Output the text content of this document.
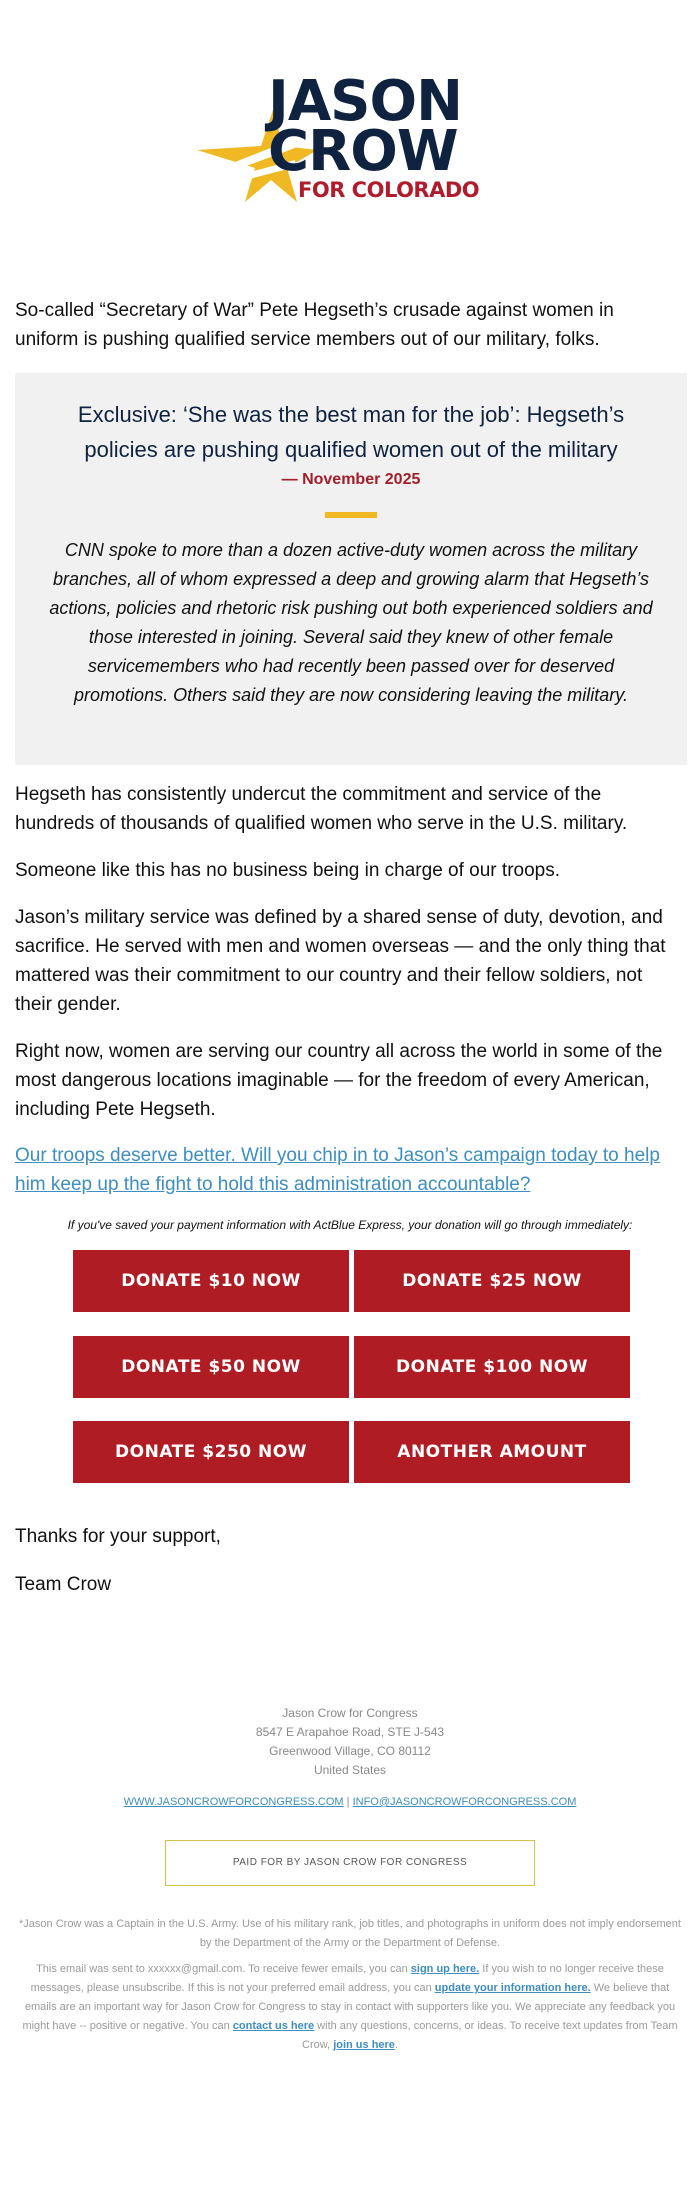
JASON
CROW
FOR COLORADO

So-called “Secretary of War” Pete Hegseth’s crusade against women in uniform is pushing qualified service members out of our military, folks.

Exclusive: ‘She was the best man for the job’: Hegseth’s policies are pushing qualified women out of the military
— November 2025

CNN spoke to more than a dozen active-duty women across the military branches, all of whom expressed a deep and growing alarm that Hegseth’s actions, policies and rhetoric risk pushing out both experienced soldiers and those interested in joining. Several said they knew of other female servicemembers who had recently been passed over for deserved promotions. Others said they are now considering leaving the military.

Hegseth has consistently undercut the commitment and service of the hundreds of thousands of qualified women who serve in the U.S. military.

Someone like this has no business being in charge of our troops.

Jason’s military service was defined by a shared sense of duty, devotion, and sacrifice. He served with men and women overseas — and the only thing that mattered was their commitment to our country and their fellow soldiers, not their gender.

Right now, women are serving our country all across the world in some of the most dangerous locations imaginable — for the freedom of every American, including Pete Hegseth.

Our troops deserve better. Will you chip in to Jason’s campaign today to help him keep up the fight to hold this administration accountable?

If you've saved your payment information with ActBlue Express, your donation will go through immediately:
DONATE $10 NOW	DONATE $25 NOW
DONATE $50 NOW	DONATE $100 NOW
DONATE $250 NOW	ANOTHER AMOUNT

Thanks for your support,

Team Crow

Jason Crow for Congress
8547 E Arapahoe Road, STE J-543
Greenwood Village, CO 80112
United States
WWW.JASONCROWFORCONGRESS.COM | INFO@JASONCROWFORCONGRESS.COM
PAID FOR BY JASON CROW FOR CONGRESS

*Jason Crow was a Captain in the U.S. Army. Use of his military rank, job titles, and photographs in uniform does not imply endorsement by the Department of the Army or the Department of Defense.

This email was sent to xxxxxx@gmail.com. To receive fewer emails, you can sign up here. If you wish to no longer receive these messages, please unsubscribe. If this is not your preferred email address, you can update your information here. We believe that emails are an important way for Jason Crow for Congress to stay in contact with supporters like you. We appreciate any feedback you might have -- positive or negative. You can contact us here with any questions, concerns, or ideas. To receive text updates from Team Crow, join us here.
